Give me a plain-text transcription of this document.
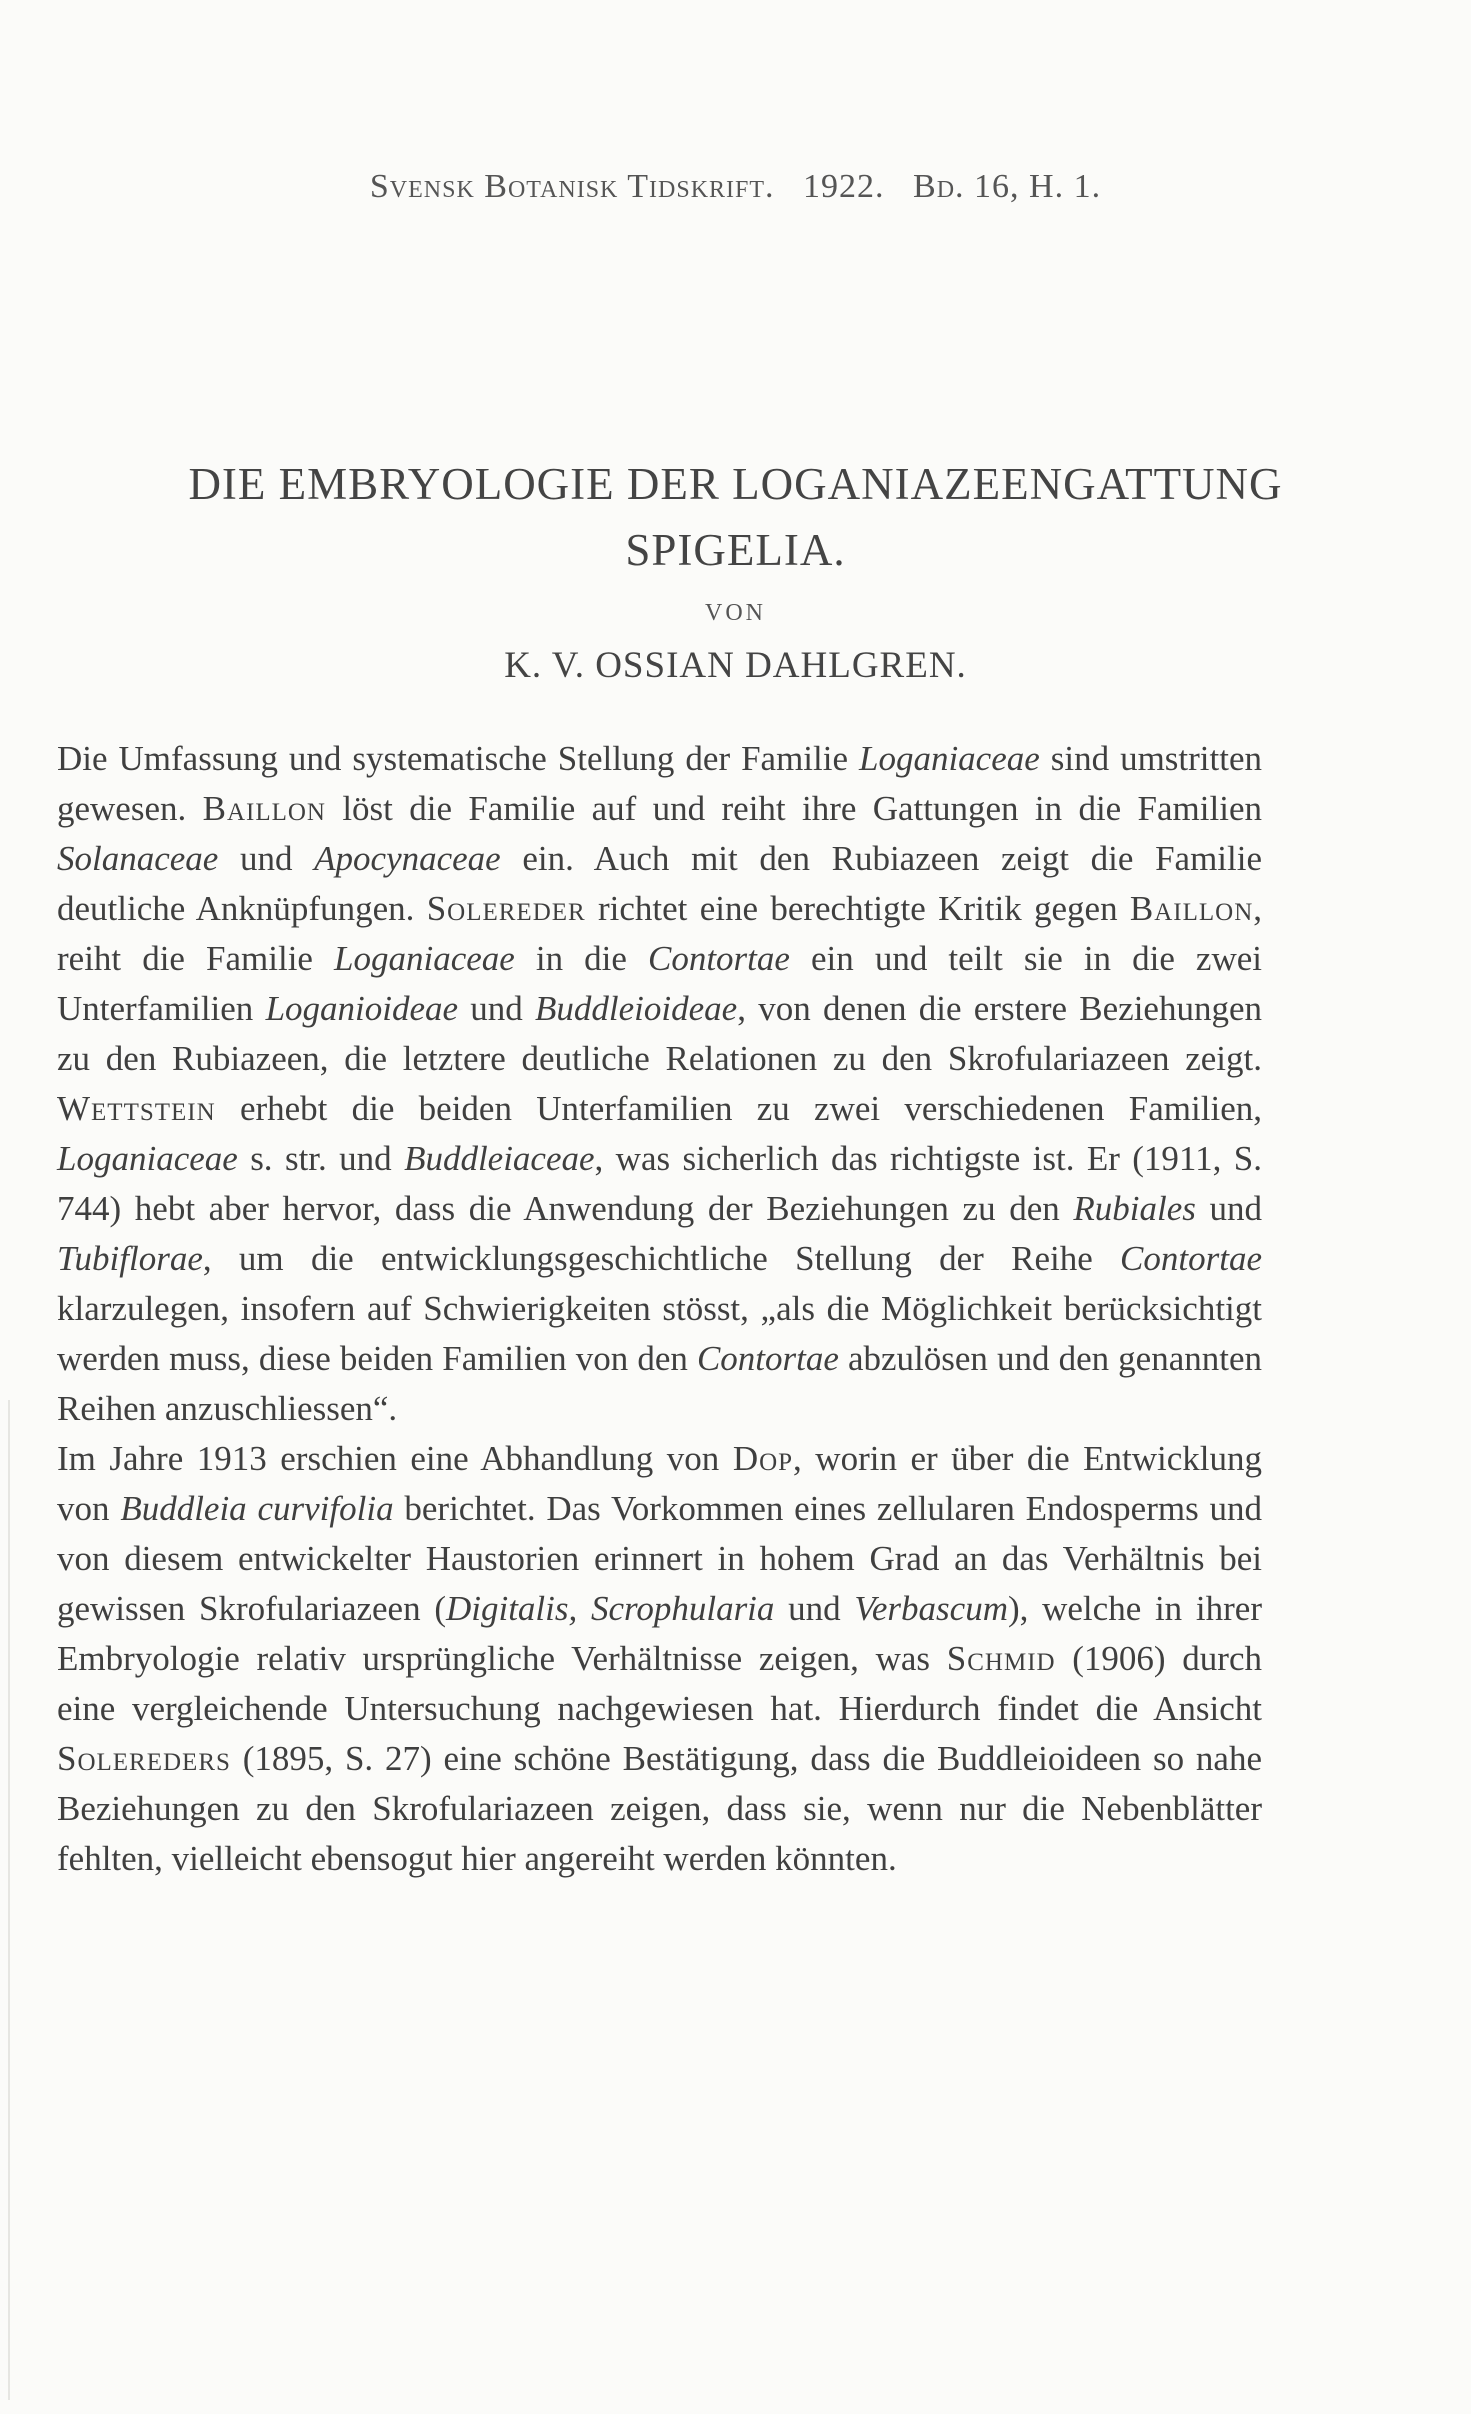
Svensk Botanisk Tidskrift. 1922. Bd. 16, H. 1.
DIE EMBRYOLOGIE DER LOGANIAZEENGATTUNG
SPIGELIA.
VON
K. V. OSSIAN DAHLGREN.

Die Umfassung und systematische Stellung der Familie Loganiaceae sind umstritten gewesen. Baillon löst die Familie auf und reiht ihre Gattungen in die Familien Solanaceae und Apocynaceae ein. Auch mit den Rubiazeen zeigt die Familie deutliche Anknüpfungen. Solereder richtet eine berechtigte Kritik gegen Baillon, reiht die Familie Loganiaceae in die Contortae ein und teilt sie in die zwei Unterfamilien Loganioideae und Buddleioideae, von denen die erstere Beziehungen zu den Rubiazeen, die letztere deutliche Relationen zu den Skrofulariazeen zeigt. Wettstein erhebt die beiden Unterfamilien zu zwei verschiedenen Familien, Loganiaceae s. str. und Buddleiaceae, was sicherlich das richtigste ist. Er (1911, S. 744) hebt aber hervor, dass die Anwendung der Beziehungen zu den Rubiales und Tubiflorae, um die entwicklungsgeschichtliche Stellung der Reihe Contortae klarzulegen, insofern auf Schwierigkeiten stösst, „als die Möglichkeit berücksichtigt werden muss, diese beiden Familien von den Contortae abzulösen und den genannten Reihen anzuschliessen“.

Im Jahre 1913 erschien eine Abhandlung von Dop, worin er über die Entwicklung von Buddleia curvifolia berichtet. Das Vorkommen eines zellularen Endosperms und von diesem entwickelter Haustorien erinnert in hohem Grad an das Verhältnis bei gewissen Skrofulariazeen (Digitalis, Scrophularia und Verbascum), welche in ihrer Embryologie relativ ursprüngliche Verhältnisse zeigen, was Schmid (1906) durch eine vergleichende Untersuchung nachgewiesen hat. Hierdurch findet die Ansicht Solereders (1895, S. 27) eine schöne Bestätigung, dass die Buddleioideen so nahe Beziehungen zu den Skrofulariazeen zeigen, dass sie, wenn nur die Nebenblätter fehlten, vielleicht ebensogut hier angereiht werden könnten.
